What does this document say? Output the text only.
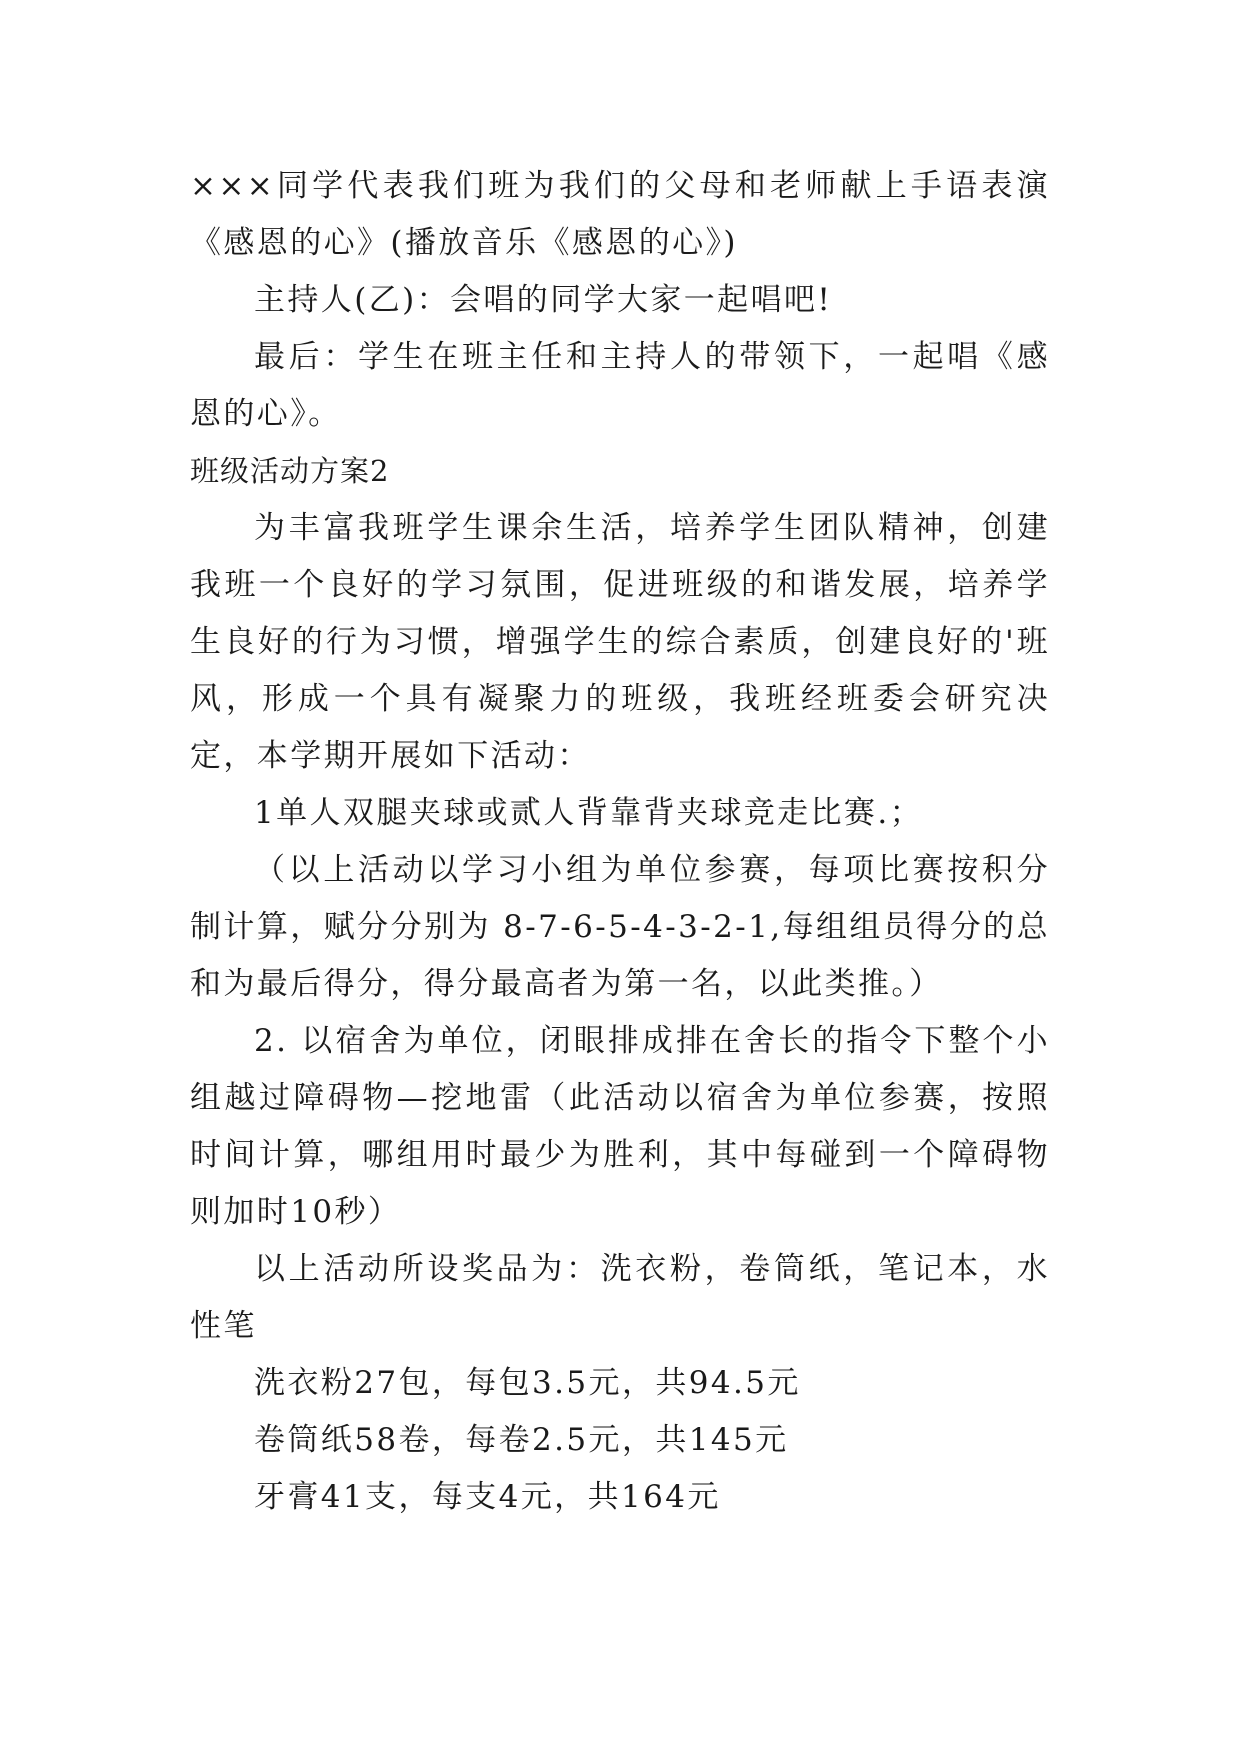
×××同学代表我们班为我们的父母和老师献上手语表演《感恩的心》(播放音乐《感恩的心》)

主持人(乙)：会唱的同学大家一起唱吧!

最后：学生在班主任和主持人的带领下，一起唱《感恩的心》。

班级活动方案2

为丰富我班学生课余生活，培养学生团队精神，创建我班一个良好的学习氛围，促进班级的和谐发展，培养学生良好的行为习惯，增强学生的综合素质，创建良好的'班风，形成一个具有凝聚力的班级，我班经班委会研究决定，本学期开展如下活动：

1单人双腿夹球或贰人背靠背夹球竞走比赛.；

（以上活动以学习小组为单位参赛，每项比赛按积分制计算，赋分分别为 8-7-6-5-4-3-2-1,每组组员得分的总和为最后得分，得分最高者为第一名，以此类推。）

2. 以宿舍为单位，闭眼排成排在舍长的指令下整个小组越过障碍物—挖地雷（此活动以宿舍为单位参赛，按照时间计算，哪组用时最少为胜利，其中每碰到一个障碍物则加时10秒）

以上活动所设奖品为：洗衣粉，卷筒纸，笔记本，水性笔

洗衣粉27包，每包3.5元，共94.5元

卷筒纸58卷，每卷2.5元，共145元

牙膏41支，每支4元，共164元
